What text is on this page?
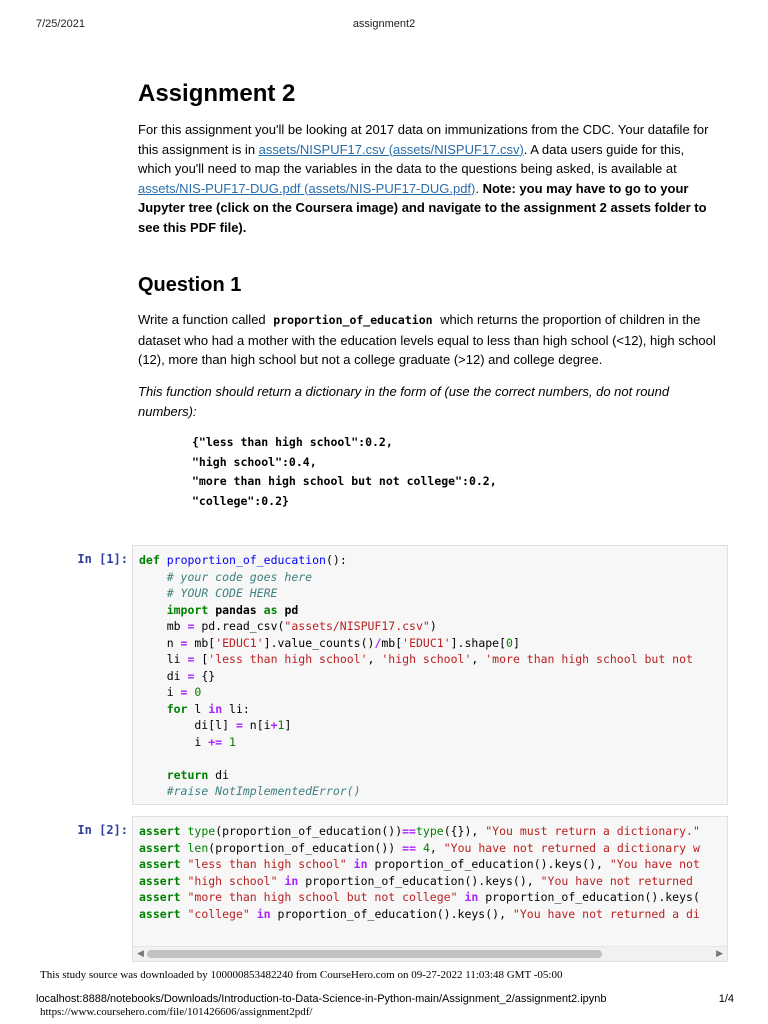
7/25/2021	assignment2
Assignment 2

For this assignment you'll be looking at 2017 data on immunizations from the CDC. Your datafile for this assignment is in assets/NISPUF17.csv (assets/NISPUF17.csv). A data users guide for this, which you'll need to map the variables in the data to the questions being asked, is available at assets/NIS-PUF17-DUG.pdf (assets/NIS-PUF17-DUG.pdf). Note: you may have to go to your Jupyter tree (click on the Coursera image) and navigate to the assignment 2 assets folder to see this PDF file).

Question 1

Write a function called proportion_of_education which returns the proportion of children in the dataset who had a mother with the education levels equal to less than high school (<12), high school (12), more than high school but not a college graduate (>12) and college degree.

This function should return a dictionary in the form of (use the correct numbers, do not round numbers):

{"less than high school":0.2,
"high school":0.4,
"more than high school but not college":0.2,
"college":0.2}
In [1]: def proportion_of_education():
# your code goes here
# YOUR CODE HERE
import pandas as pd
mb = pd.read_csv("assets/NISPUF17.csv")
n = mb['EDUC1'].value_counts()/mb['EDUC1'].shape[0]
li = ['less than high school', 'high school', 'more than high school but not
di = {}
i = 0
for l in li:
di[l] = n[i+1]
i += 1

return di
#raise NotImplementedError()
In [2]: assert type(proportion_of_education())==type({}), "You must return a dictionary."
assert len(proportion_of_education()) == 4, "You have not returned a dictionary w
assert "less than high school" in proportion_of_education().keys(), "You have not
assert "high school" in proportion_of_education().keys(), "You have not returned
assert "more than high school but not college" in proportion_of_education().keys(
assert "college" in proportion_of_education().keys(), "You have not returned a di
◀	▶
This study source was downloaded by 100000853482240 from CourseHero.com on 09-27-2022 11:03:48 GMT -05:00
localhost:8888/notebooks/Downloads/Introduction-to-Data-Science-in-Python-main/Assignment_2/assignment2.ipynb	1/4
https://www.coursehero.com/file/101426606/assignment2pdf/
